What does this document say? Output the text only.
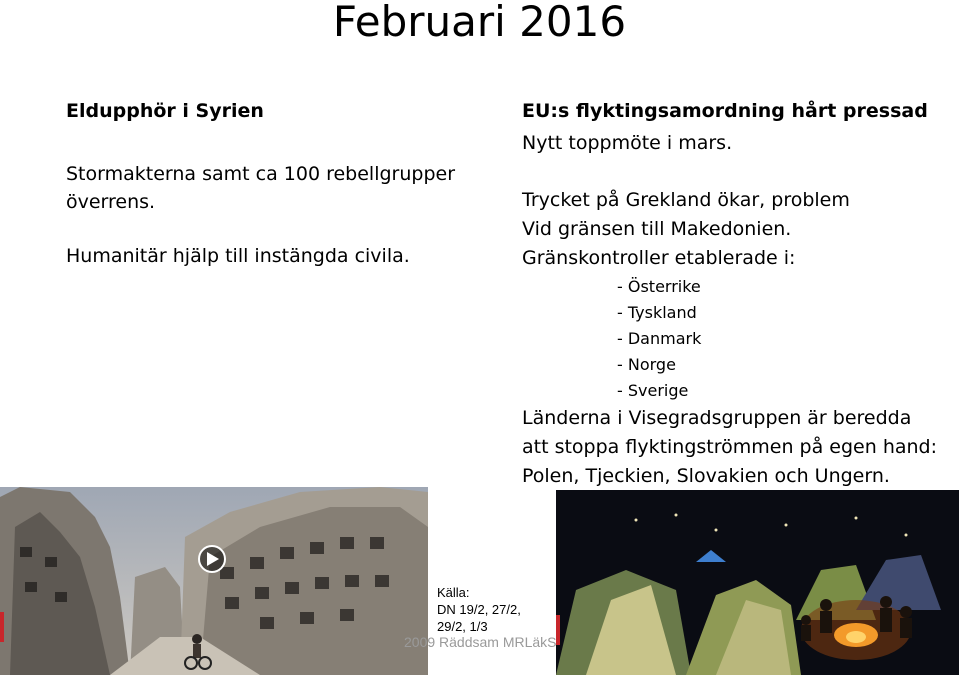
Februari 2016
Eldupphör i Syrien
Stormakterna samt ca 100 rebellgrupper överrens.
Humanitär hjälp till instängda civila.
EU:s flyktingsamordning hårt pressad
Nytt toppmöte i mars.
Trycket på Grekland ökar, problem
Vid gränsen till Makedonien.
Gränskontroller etablerade i:
- Österrike
- Tyskland
- Danmark
- Norge
- Sverige
Länderna i Visegradsgruppen är beredda
att stoppa flyktingströmmen på egen hand:
Polen, Tjeckien, Slovakien och Ungern.
Källa:
DN 19/2, 27/2,
29/2, 1/3
2009 Räddsam MRLäkS
